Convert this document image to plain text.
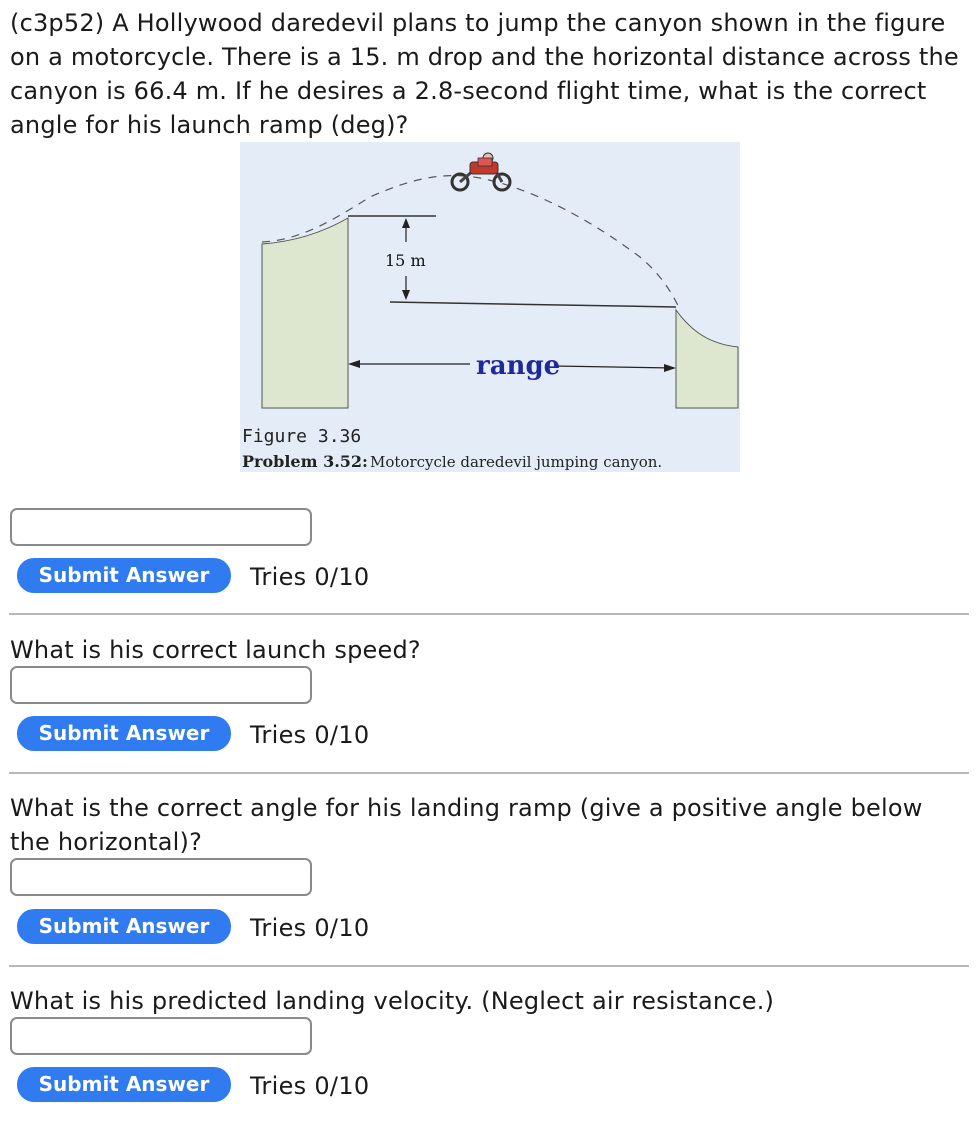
(c3p52) A Hollywood daredevil plans to jump the canyon shown in the figure on a motorcycle. There is a 15. m drop and the horizontal distance across the canyon is 66.4 m. If he desires a 2.8-second flight time, what is the correct angle for his launch ramp (deg)?

15 m
range
Figure 3.36
Problem 3.52: Motorcycle daredevil jumping canyon.
Submit Answer	Tries 0/10

What is his correct launch speed?

Submit Answer	Tries 0/10

What is the correct angle for his landing ramp (give a positive angle below the horizontal)?

Submit Answer	Tries 0/10

What is his predicted landing velocity. (Neglect air resistance.)

Submit Answer	Tries 0/10
